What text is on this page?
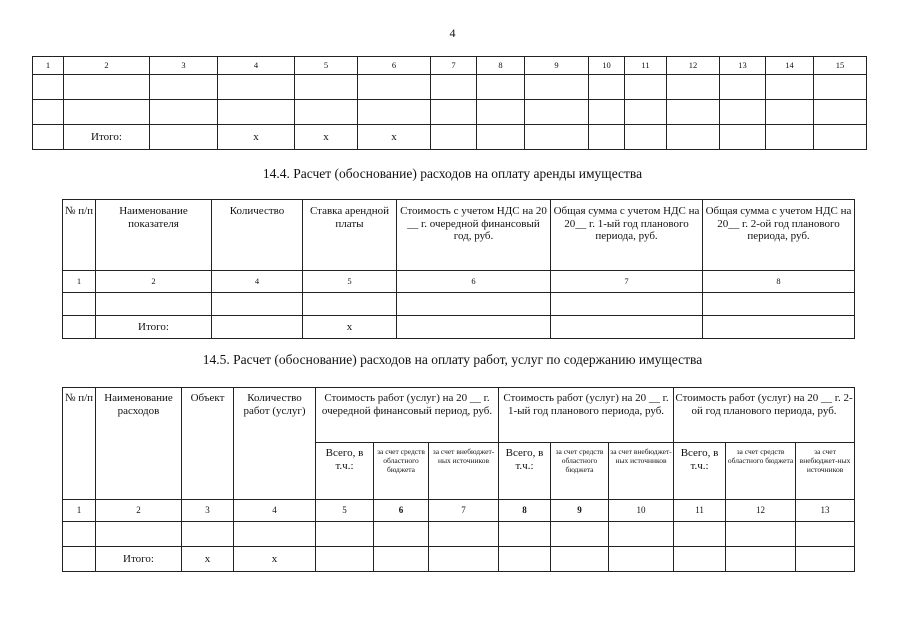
4
1	2	3	4	5	6	7	8	9	10	11	12	13	14	15

	Итого:		x	x	x									
14.4. Расчет (обоснование) расходов на оплату аренды имущества
№ п/п	Наименование показателя	Количество	Ставка арендной платы	Стоимость с учетом НДС на 20 __ г. очередной финансовый год, руб.	Общая сумма с учетом НДС на 20__ г. 1-ый год планового периода, руб.	Общая сумма с учетом НДС на 20__ г. 2-ой год планового периода, руб.
1	2	4	5	6	7	8

	Итого:		x			
14.5. Расчет (обоснование) расходов на оплату работ, услуг по содержанию имущества
№ п/п	Наименование расходов	Объект	Количество работ (услуг)	Стоимость работ (услуг) на 20 __ г. очередной финансовый период, руб.			Стоимость работ (услуг) на 20 __ г. 1-ый год планового периода, руб.			Стоимость работ (услуг) на 20 __ г. 2-ой год планового периода, руб.		
				Всего, в т.ч.:	за счет средств областного бюджета	за счет внебюджет-ных источников	Всего, в т.ч.:	за счет средств областного бюджета	за счет внебюджет-ных источников	Всего, в т.ч.:	за счет средств областного бюджета	за счет внебюджет-ных источников
1	2	3	4	5	6	7	8	9	10	11	12	13

	Итого:	x	x									
